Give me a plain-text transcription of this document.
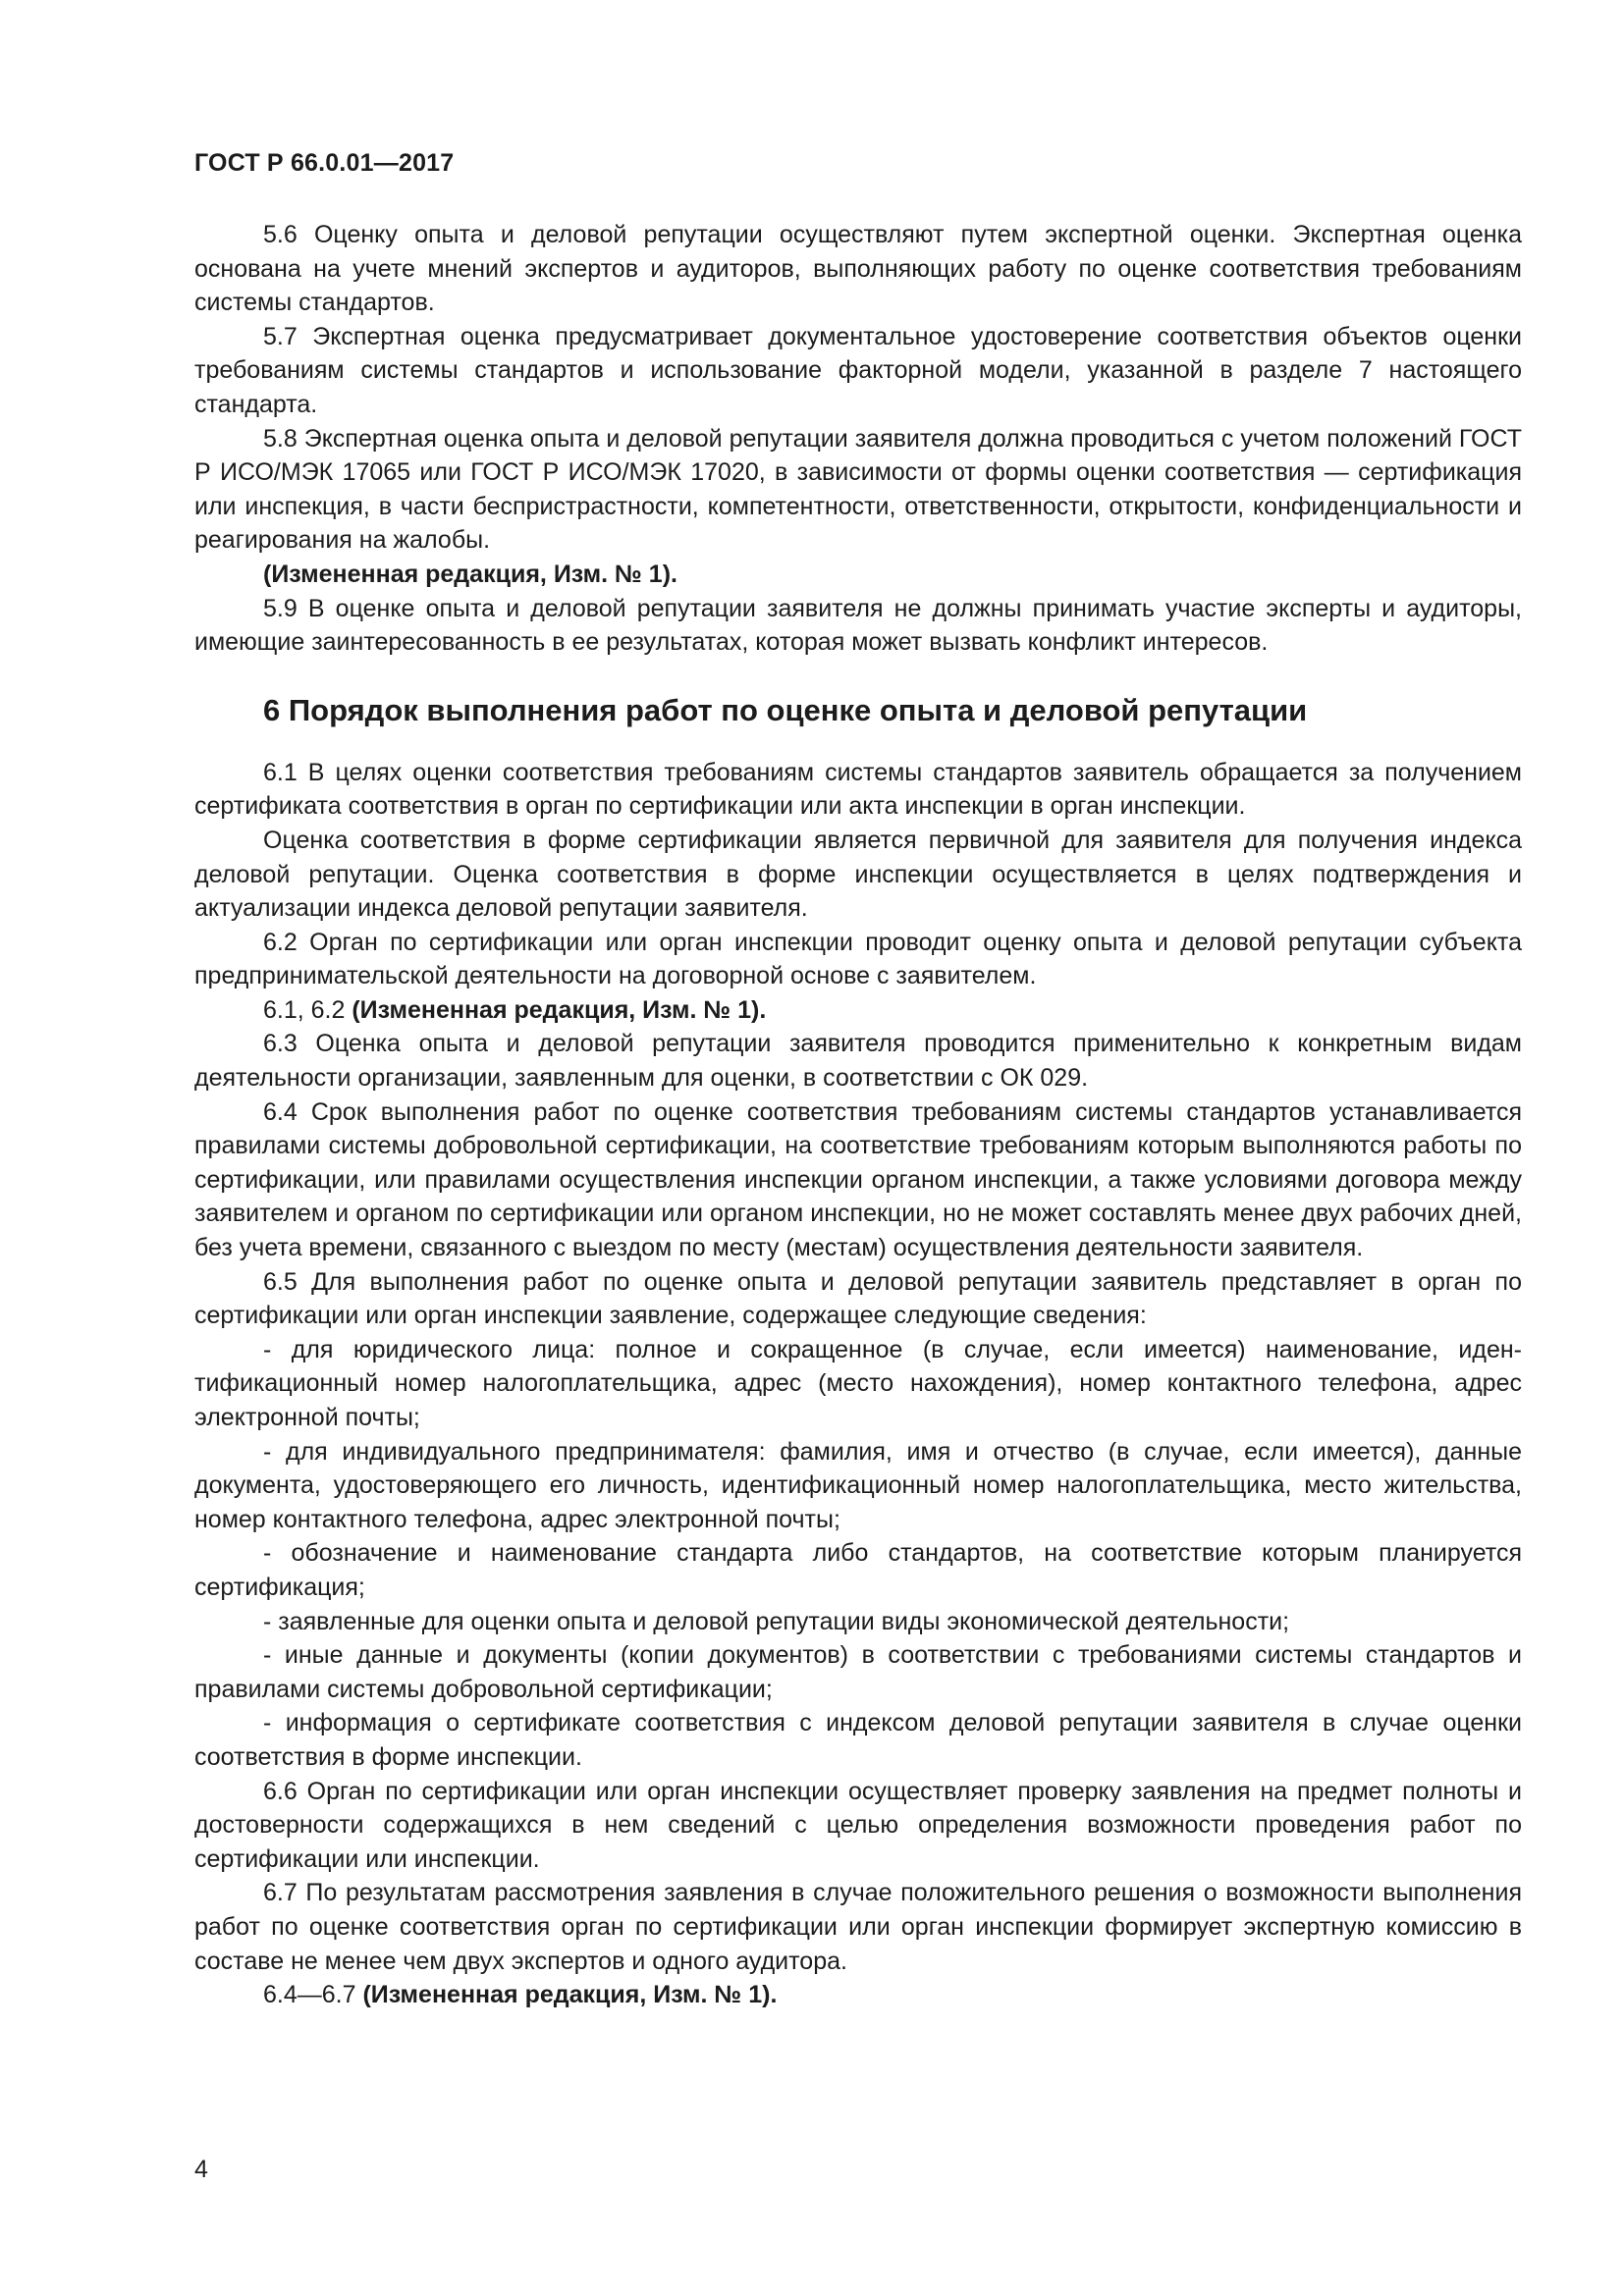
ГОСТ Р 66.0.01—2017

5.6 Оценку опыта и деловой репутации осуществляют путем экспертной оценки. Экспертная оценка основана на учете мнений экспертов и аудиторов, выполняющих работу по оценке соответствия требованиям системы стандартов.

5.7 Экспертная оценка предусматривает документальное удостоверение соответствия объектов оценки требованиям системы стандартов и использование факторной модели, указанной в разделе 7 настоящего стандарта.

5.8 Экспертная оценка опыта и деловой репутации заявителя должна проводиться с учетом положений ГОСТ Р ИСО/МЭК 17065 или ГОСТ Р ИСО/МЭК 17020, в зависимости от формы оценки соответствия — сертификация или инспекция, в части беспристрастности, компетентности, ответственности, открытости, конфиденциальности и реагирования на жалобы.

(Измененная редакция, Изм. № 1).

5.9 В оценке опыта и деловой репутации заявителя не должны принимать участие эксперты и аудиторы, имеющие заинтересованность в ее результатах, которая может вызвать конфликт интересов.

6 Порядок выполнения работ по оценке опыта и деловой репутации

6.1 В целях оценки соответствия требованиям системы стандартов заявитель обращается за получением сертификата соответствия в орган по сертификации или акта инспекции в орган инспекции.

Оценка соответствия в форме сертификации является первичной для заявителя для получения индекса деловой репутации. Оценка соответствия в форме инспекции осуществляется в целях подтверждения и актуализации индекса деловой репутации заявителя.

6.2 Орган по сертификации или орган инспекции проводит оценку опыта и деловой репутации субъекта предпринимательской деятельности на договорной основе с заявителем.

6.1, 6.2 (Измененная редакция, Изм. № 1).

6.3 Оценка опыта и деловой репутации заявителя проводится применительно к конкретным видам деятельности организации, заявленным для оценки, в соответствии с ОК 029.

6.4 Срок выполнения работ по оценке соответствия требованиям системы стандартов устанавливается правилами системы добровольной сертификации, на соответствие требованиям которым выполняются работы по сертификации, или правилами осуществления инспекции органом инспекции, а также условиями договора между заявителем и органом по сертификации или органом инспекции, но не может составлять менее двух рабочих дней, без учета времени, связанного с выездом по месту (местам) осуществления деятельности заявителя.

6.5 Для выполнения работ по оценке опыта и деловой репутации заявитель представляет в орган по сертификации или орган инспекции заявление, содержащее следующие сведения:

- для юридического лица: полное и сокращенное (в случае, если имеется) наименование, идентификационный номер налогоплательщика, адрес (место нахождения), номер контактного телефона, адрес электронной почты;

- для индивидуального предпринимателя: фамилия, имя и отчество (в случае, если имеется), данные документа, удостоверяющего его личность, идентификационный номер налогоплательщика, место жительства, номер контактного телефона, адрес электронной почты;

- обозначение и наименование стандарта либо стандартов, на соответствие которым планируется сертификация;

- заявленные для оценки опыта и деловой репутации виды экономической деятельности;

- иные данные и документы (копии документов) в соответствии с требованиями системы стандартов и правилами системы добровольной сертификации;

- информация о сертификате соответствия с индексом деловой репутации заявителя в случае оценки соответствия в форме инспекции.

6.6 Орган по сертификации или орган инспекции осуществляет проверку заявления на предмет полноты и достоверности содержащихся в нем сведений с целью определения возможности проведения работ по сертификации или инспекции.

6.7 По результатам рассмотрения заявления в случае положительного решения о возможности выполнения работ по оценке соответствия орган по сертификации или орган инспекции формирует экспертную комиссию в составе не менее чем двух экспертов и одного аудитора.

6.4—6.7 (Измененная редакция, Изм. № 1).

4
